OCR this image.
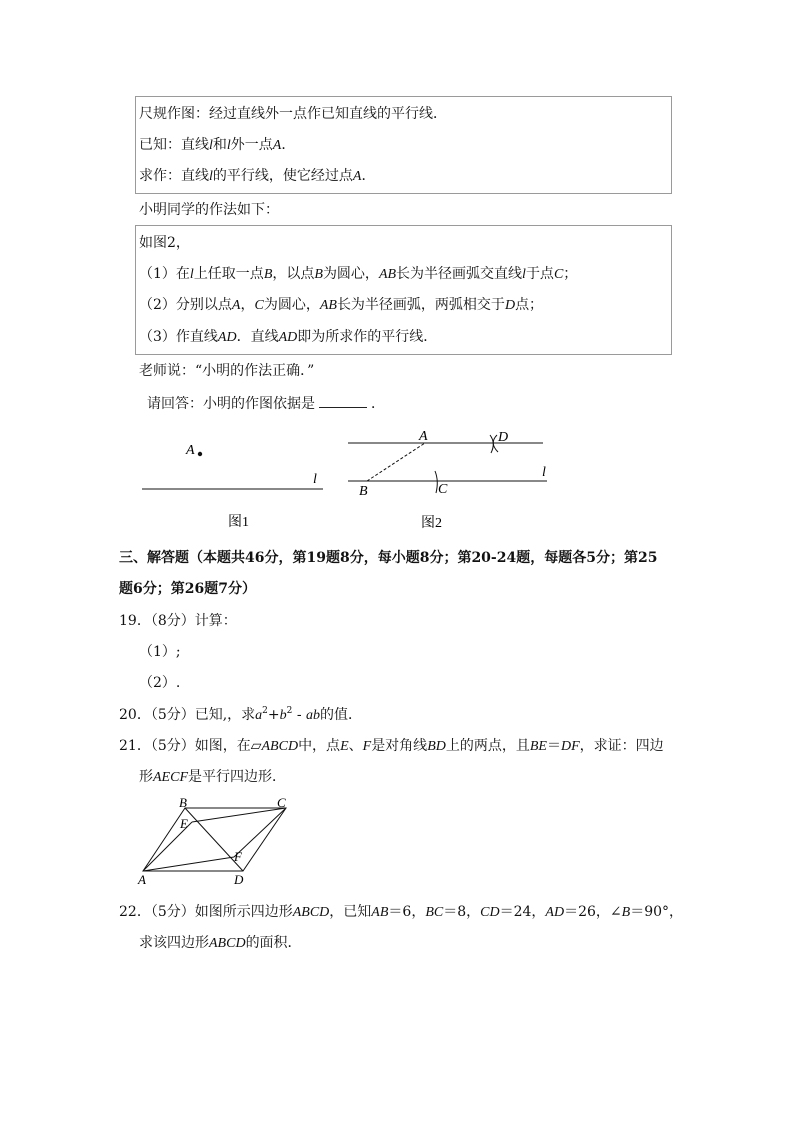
尺规作图：经过直线外一点作已知直线的平行线．
已知：直线l和l外一点A．
求作：直线l的平行线，使它经过点A．
小明同学的作法如下：
如图2，
（1）在l上任取一点B，以点B为圆心，AB长为半径画弧交直线l于点C；
（2）分别以点A，C为圆心，AB长为半径画弧，两弧相交于D点；
（3）作直线AD．直线AD即为所求作的平行线．
老师说：“小明的作法正确．”
请回答：小明的作图依据是	．
A
l
图1
A	D
B	C
l
图2
三、解答题（本题共46分，第19题8分，每小题8分；第20-24题，每题各5分；第25
题6分；第26题7分）
19．（8分）计算：
（1）;
（2）.
20．（5分）已知,，求$a^2+b^2$ - ab的值．
21．（5分）如图，在▱ABCD中，点E、F是对角线BD上的两点，且BE＝DF，求证：四边
形AECF是平行四边形．
B	C
E
F
A	D
22．（5分）如图所示四边形ABCD，已知AB＝6，BC＝8，CD＝24，AD＝26，∠B＝90°，
求该四边形ABCD的面积．
